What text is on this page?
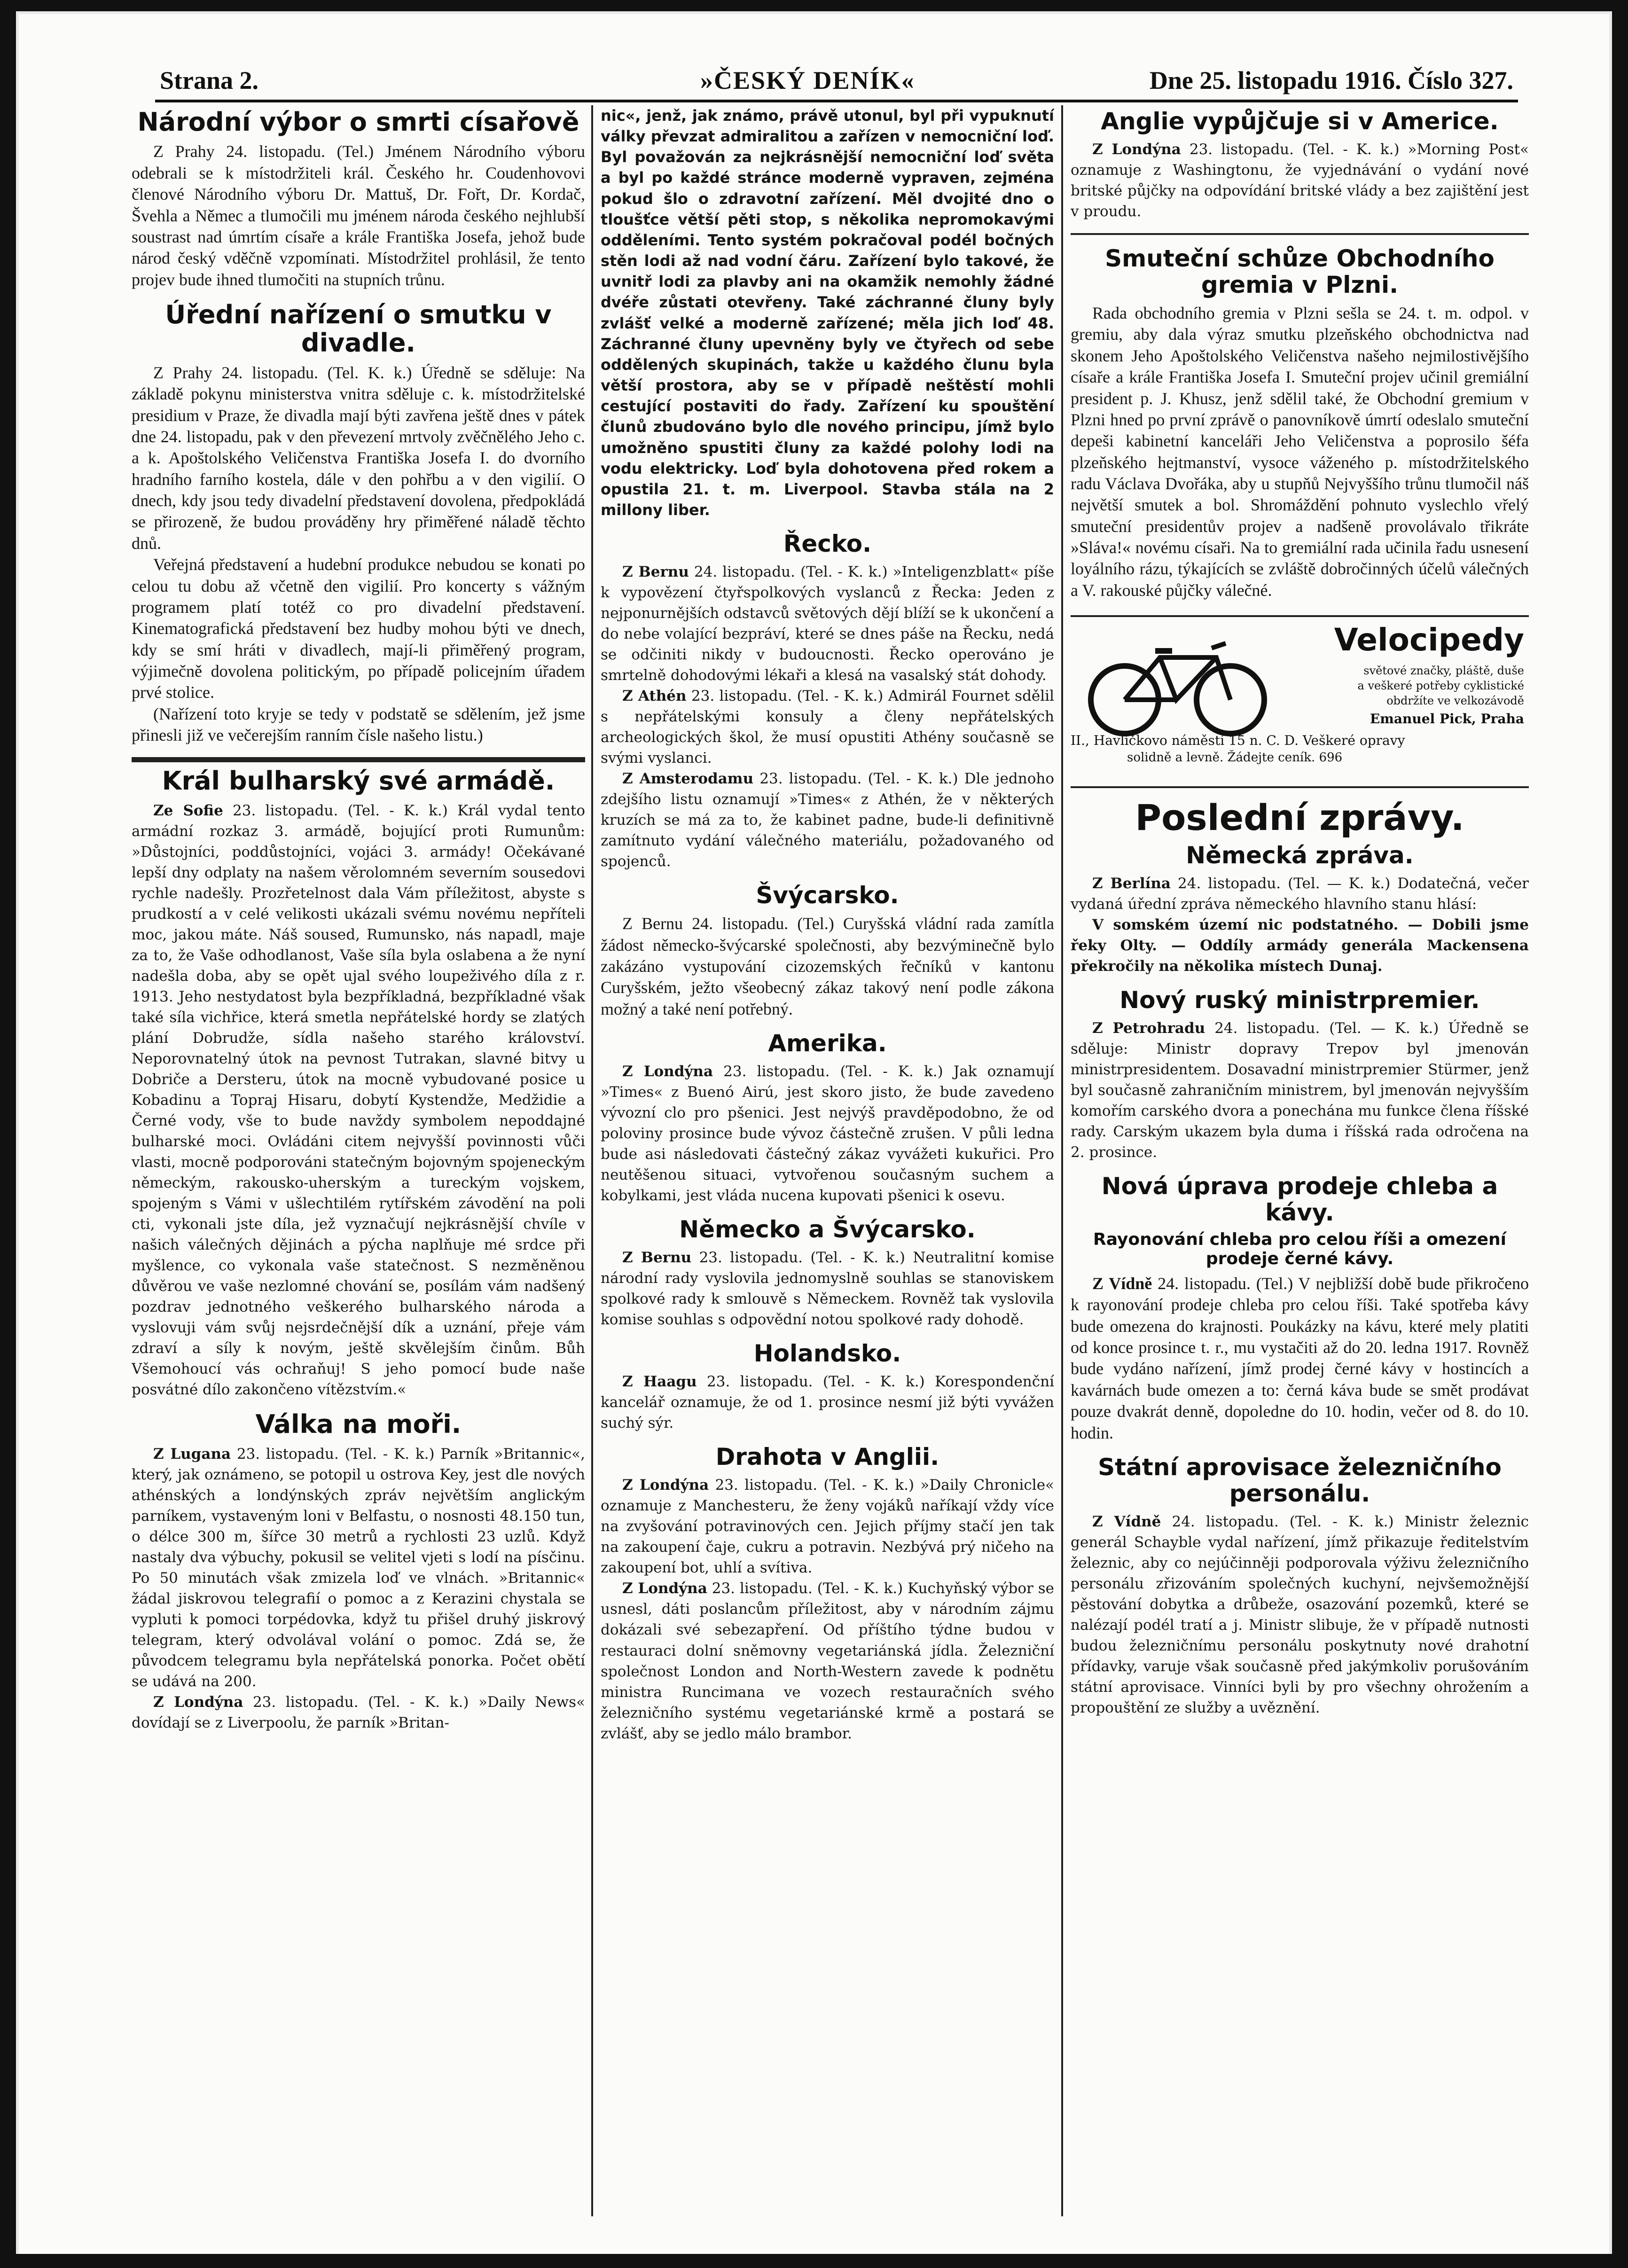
Strana 2.	»ČESKÝ DENÍK«	Dne 25. listopadu 1916. Číslo 327.
Národní výbor o smrti císařově

Z Prahy 24. listopadu. (Tel.) Jménem Národního výboru odebrali se k místodržiteli král. Českého hr. Coudenhovovi členové Národního výboru Dr. Mattuš, Dr. Fořt, Dr. Kordač, Švehla a Němec a tlumočili mu jménem národa českého nejhlubší soustrast nad úmrtím císaře a krále Františka Josefa, jehož bude národ český vděčně vzpomínati. Místodržitel prohlásil, že tento projev bude ihned tlumočiti na stupních trůnu.

Úřední nařízení o smutku v divadle.

Z Prahy 24. listopadu. (Tel. K. k.) Úředně se sděluje: Na základě pokynu ministerstva vnitra sděluje c. k. místodržitelské presidium v Praze, že divadla mají býti zavřena ještě dnes v pátek dne 24. listopadu, pak v den převezení mrtvoly zvěčnělého Jeho c. a k. Apoštolského Veličenstva Františka Josefa I. do dvorního hradního farního kostela, dále v den pohřbu a v den vigilií. O dnech, kdy jsou tedy divadelní představení dovolena, předpokládá se přirozeně, že budou prováděny hry přiměřené náladě těchto dnů.

Veřejná představení a hudební produkce nebudou se konati po celou tu dobu až včetně den vigilií. Pro koncerty s vážným programem platí totéž co pro divadelní představení. Kinematografická představení bez hudby mohou býti ve dnech, kdy se smí hráti v divadlech, mají-li přiměřený program, výjimečně dovolena politickým, po případě policejním úřadem prvé stolice.

(Nařízení toto kryje se tedy v podstatě se sdělením, jež jsme přinesli již ve večerejším ranním čísle našeho listu.)

Král bulharský své armádě.

Ze Sofie 23. listopadu. (Tel. - K. k.) Král vydal tento armádní rozkaz 3. armádě, bojující proti Rumunům: »Důstojníci, poddůstojníci, vojáci 3. armády! Očekávané lepší dny odplaty na našem věrolomném severním sousedovi rychle nadešly. Prozřetelnost dala Vám příležitost, abyste s prudkostí a v celé velikosti ukázali svému novému nepříteli moc, jakou máte. Náš soused, Rumunsko, nás napadl, maje za to, že Vaše odhodlanost, Vaše síla byla oslabena a že nyní nadešla doba, aby se opět ujal svého loupeživého díla z r. 1913. Jeho nestydatost byla bezpříkladná, bezpříkladné však také síla vichřice, která smetla nepřátelské hordy se zlatých plání Dobrudže, sídla našeho starého království. Neporovnatelný útok na pevnost Tutrakan, slavné bitvy u Dobriče a Dersteru, útok na mocně vybudované posice u Kobadinu a Topraj Hisaru, dobytí Kystendže, Medžidie a Černé vody, vše to bude navždy symbolem nepoddajné bulharské moci. Ovládáni citem nejvyšší povinnosti vůči vlasti, mocně podporováni statečným bojovným spojeneckým německým, rakousko-uherským a tureckým vojskem, spojeným s Vámi v ušlechtilém rytířském závodění na poli cti, vykonali jste díla, jež vyznačují nejkrásnější chvíle v našich válečných dějinách a pýcha naplňuje mé srdce při myšlence, co vykonala vaše statečnost. S nezměněnou důvěrou ve vaše nezlomné chování se, posílám vám nadšený pozdrav jednotného veškerého bulharského národa a vyslovuji vám svůj nejsrdečnější dík a uznání, přeje vám zdraví a síly k novým, ještě skvělejším činům. Bůh Všemohoucí vás ochraňuj! S jeho pomocí bude naše posvátné dílo zakončeno vítězstvím.«

Válka na moři.

Z Lugana 23. listopadu. (Tel. - K. k.) Parník »Britannic«, který, jak oznámeno, se potopil u ostrova Key, jest dle nových athénských a londýnských zpráv největším anglickým parníkem, vystaveným loni v Belfastu, o nosnosti 48.150 tun, o délce 300 m, šířce 30 metrů a rychlosti 23 uzlů. Když nastaly dva výbuchy, pokusil se velitel vjeti s lodí na písčinu. Po 50 minutách však zmizela loď ve vlnách. »Britannic« žádal jiskrovou telegrafií o pomoc a z Kerazini chystala se vypluti k pomoci torpédovka, když tu přišel druhý jiskrový telegram, který odvolával volání o pomoc. Zdá se, že původcem telegramu byla nepřátelská ponorka. Počet obětí se udává na 200.

Z Londýna 23. listopadu. (Tel. - K. k.) »Daily News« dovídají se z Liverpoolu, že parník »Britan-

nic«, jenž, jak známo, právě utonul, byl při vypuknutí války převzat admiralitou a zařízen v nemocniční loď. Byl považován za nejkrásnější nemocniční loď světa a byl po každé stránce moderně vypraven, zejména pokud šlo o zdravotní zařízení. Měl dvojité dno o tloušťce větší pěti stop, s několika nepromokavými odděleními. Tento systém pokračoval podél bočných stěn lodi až nad vodní čáru. Zařízení bylo takové, že uvnitř lodi za plavby ani na okamžik nemohly žádné dvéře zůstati otevřeny. Také záchranné čluny byly zvlášť velké a moderně zařízené; měla jich loď 48. Záchranné čluny upevněny byly ve čtyřech od sebe oddělených skupinách, takže u každého člunu byla větší prostora, aby se v případě neštěstí mohli cestující postaviti do řady. Zařízení ku spouštění člunů zbudováno bylo dle nového principu, jímž bylo umožněno spustiti čluny za každé polohy lodi na vodu elektricky. Loď byla dohotovena před rokem a opustila 21. t. m. Liverpool. Stavba stála na 2 millony liber.

Řecko.

Z Bernu 24. listopadu. (Tel. - K. k.) »Inteligenzblatt« píše k vypovězení čtyřspolkových vyslanců z Řecka: Jeden z nejponurnějších odstavců světových dějí blíží se k ukončení a do nebe volající bezpráví, které se dnes páše na Řecku, nedá se odčiniti nikdy v budoucnosti. Řecko operováno je smrtelně dohodovými lékaři a klesá na vasalský stát dohody.

Z Athén 23. listopadu. (Tel. - K. k.) Admirál Fournet sdělil s nepřátelskými konsuly a členy nepřátelských archeologických škol, že musí opustiti Athény současně se svými vyslanci.

Z Amsterodamu 23. listopadu. (Tel. - K. k.) Dle jednoho zdejšího listu oznamují »Times« z Athén, že v některých kruzích se má za to, že kabinet padne, bude-li definitivně zamítnuto vydání válečného materiálu, požadovaného od spojenců.

Švýcarsko.

Z Bernu 24. listopadu. (Tel.) Curyšská vládní rada zamítla žádost německo-švýcarské společnosti, aby bezvýminečně bylo zakázáno vystupování cizozemských řečníků v kantonu Curyšském, ježto všeobecný zákaz takový není podle zákona možný a také není potřebný.

Amerika.

Z Londýna 23. listopadu. (Tel. - K. k.) Jak oznamují »Times« z Buenó Airú, jest skoro jisto, že bude zavedeno vývozní clo pro pšenici. Jest nejvýš pravděpodobno, že od poloviny prosince bude vývoz částečně zrušen. V půli ledna bude asi následovati částečný zákaz vyvážeti kukuřici. Pro neutěšenou situaci, vytvořenou současným suchem a kobylkami, jest vláda nucena kupovati pšenici k osevu.

Německo a Švýcarsko.

Z Bernu 23. listopadu. (Tel. - K. k.) Neutralitní komise národní rady vyslovila jednomyslně souhlas se stanoviskem spolkové rady k smlouvě s Německem. Rovněž tak vyslovila komise souhlas s odpovědní notou spolkové rady dohodě.

Holandsko.

Z Haagu 23. listopadu. (Tel. - K. k.) Korespondenční kancelář oznamuje, že od 1. prosince nesmí již býti vyvážen suchý sýr.

Drahota v Anglii.

Z Londýna 23. listopadu. (Tel. - K. k.) »Daily Chronicle« oznamuje z Manchesteru, že ženy vojáků naříkají vždy více na zvyšování potravinových cen. Jejich příjmy stačí jen tak na zakoupení čaje, cukru a potravin. Nezbývá prý ničeho na zakoupení bot, uhlí a svítiva.

Z Londýna 23. listopadu. (Tel. - K. k.) Kuchyňský výbor se usnesl, dáti poslancům příležitost, aby v národním zájmu dokázali své sebezapření. Od příštího týdne budou v restauraci dolní sněmovny vegetariánská jídla. Železniční společnost London and North-Western zavede k podnětu ministra Runcimana ve vozech restauračních svého železničního systému vegetariánské krmě a postará se zvlášť, aby se jedlo málo brambor.

Anglie vypůjčuje si v Americe.

Z Londýna 23. listopadu. (Tel. - K. k.) »Morning Post« oznamuje z Washingtonu, že vyjednávání o vydání nové britské půjčky na odpovídání britské vlády a bez zajištění jest v proudu.

Smuteční schůze Obchodního gremia v Plzni.

Rada obchodního gremia v Plzni sešla se 24. t. m. odpol. v gremiu, aby dala výraz smutku plzeňského obchodnictva nad skonem Jeho Apoštolského Veličenstva našeho nejmilostivějšího císaře a krále Františka Josefa I. Smuteční projev učinil gremiální president p. J. Khusz, jenž sdělil také, že Obchodní gremium v Plzni hned po první zprávě o panovníkově úmrtí odeslalo smuteční depeši kabinetní kanceláři Jeho Veličenstva a poprosilo šéfa plzeňského hejtmanství, vysoce váženého p. místodržitelského radu Václava Dvořáka, aby u stupňů Nejvyššího trůnu tlumočil náš největší smutek a bol. Shromáždění pohnuto vyslechlo vřelý smuteční presidentův projev a nadšeně provolávalo třikráte »Sláva!« novému císaři. Na to gremiální rada učinila řadu usnesení loyálního rázu, týkajících se zvláště dobročinných účelů válečných a V. rakouské půjčky válečné.

Velocipedy
světové značky, pláště, duše
a veškeré potřeby cyklistické
obdržíte ve velkozávodě
Emanuel Pick, Praha
II., Havlíčkovo náměstí 15 n. C. D. Veškeré opravy
solidně a levně. Žádejte ceník. 696
Poslední zprávy.
Německá zpráva.

Z Berlína 24. listopadu. (Tel. — K. k.) Dodatečná, večer vydaná úřední zpráva německého hlavního stanu hlásí:

V somském území nic podstatného. — Dobili jsme řeky Olty. — Oddíly armády generála Mackensena překročily na několika místech Dunaj.

Nový ruský ministrpremier.

Z Petrohradu 24. listopadu. (Tel. — K. k.) Úředně se sděluje: Ministr dopravy Trepov byl jmenován ministrpresidentem. Dosavadní ministrpremier Stürmer, jenž byl současně zahraničním ministrem, byl jmenován nejvyšším komořím carského dvora a ponechána mu funkce člena říšské rady. Carským ukazem byla duma i říšská rada odročena na 2. prosince.

Nová úprava prodeje chleba a kávy.
Rayonování chleba pro celou říši a omezení prodeje černé kávy.

Z Vídně 24. listopadu. (Tel.) V nejbližší době bude přikročeno k rayonování prodeje chleba pro celou říši. Také spotřeba kávy bude omezena do krajnosti. Poukázky na kávu, které mely platiti od konce prosince t. r., mu vystačiti až do 20. ledna 1917. Rovněž bude vydáno nařízení, jímž prodej černé kávy v hostincích a kavárnách bude omezen a to: černá káva bude se smět prodávat pouze dvakrát denně, dopoledne do 10. hodin, večer od 8. do 10. hodin.

Státní aprovisace železničního personálu.

Z Vídně 24. listopadu. (Tel. - K. k.) Ministr železnic generál Schayble vydal nařízení, jímž přikazuje ředitelstvím železnic, aby co nejúčinněji podporovala výživu železničního personálu zřizováním společných kuchyní, nejvšemožnější pěstování dobytka a drůbeže, osazování pozemků, které se nalézají podél tratí a j. Ministr slibuje, že v případě nutnosti budou železničnímu personálu poskytnuty nové drahotní přídavky, varuje však současně před jakýmkoliv porušováním státní aprovisace. Vinníci byli by pro všechny ohrožením a propouštění ze služby a uvěznění.
